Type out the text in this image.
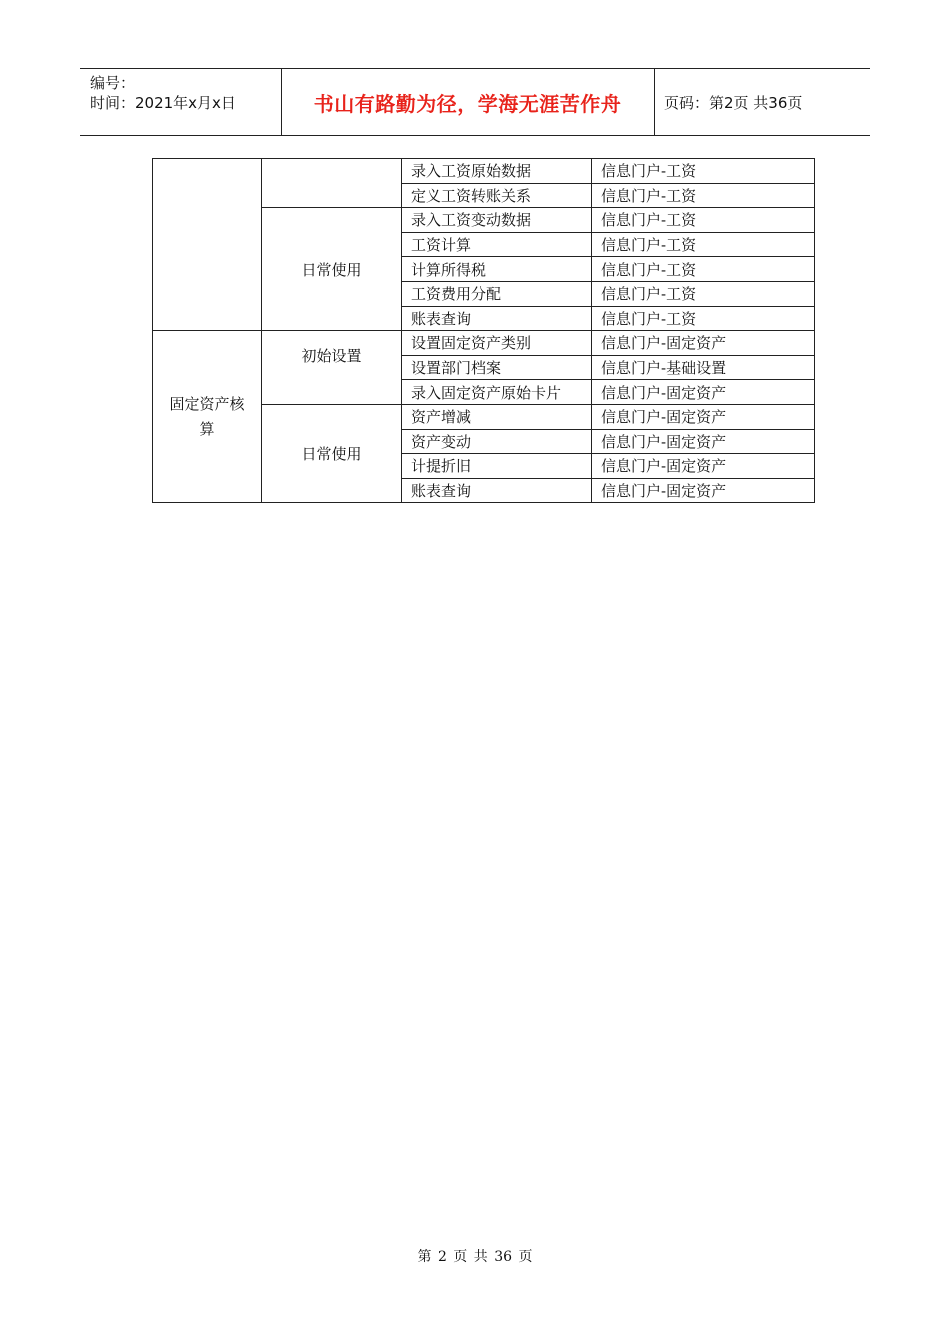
编号：
时间：2021年x月x日	书山有路勤为径，学海无涯苦作舟	页码：第2页 共36页
		录入工资原始数据	信息门户-工资
		定义工资转账关系	信息门户-工资
	日常使用	录入工资变动数据	信息门户-工资
		工资计算	信息门户-工资
		计算所得税	信息门户-工资
		工资费用分配	信息门户-工资
		账表查询	信息门户-工资
固定资产核算	初始设置	设置固定资产类别	信息门户-固定资产
		设置部门档案	信息门户-基础设置
		录入固定资产原始卡片	信息门户-固定资产
	日常使用	资产增减	信息门户-固定资产
		资产变动	信息门户-固定资产
		计提折旧	信息门户-固定资产
		账表查询	信息门户-固定资产
第 2 页 共 36 页
